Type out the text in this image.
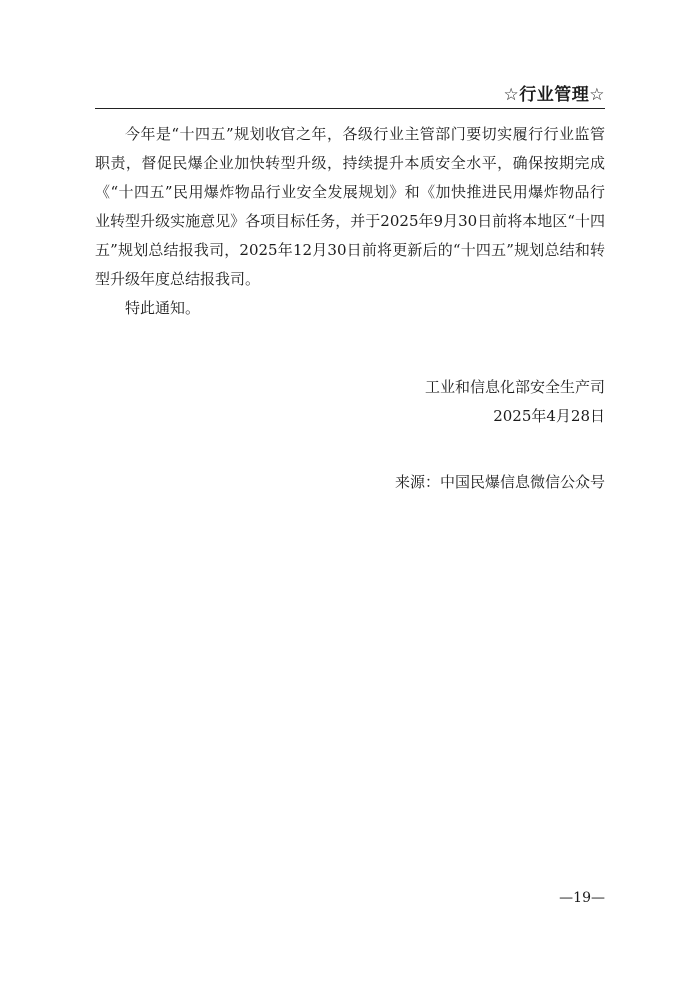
☆行业管理☆

今年是“十四五”规划收官之年，各级行业主管部门要切实履行行业监管职责，督促民爆企业加快转型升级，持续提升本质安全水平，确保按期完成《“十四五”民用爆炸物品行业安全发展规划》和《加快推进民用爆炸物品行业转型升级实施意见》各项目标任务，并于2025年9月30日前将本地区“十四五”规划总结报我司，2025年12月30日前将更新后的“十四五”规划总结和转型升级年度总结报我司。

特此通知。

工业和信息化部安全生产司
2025年4月28日
来源：中国民爆信息微信公众号
—19—
